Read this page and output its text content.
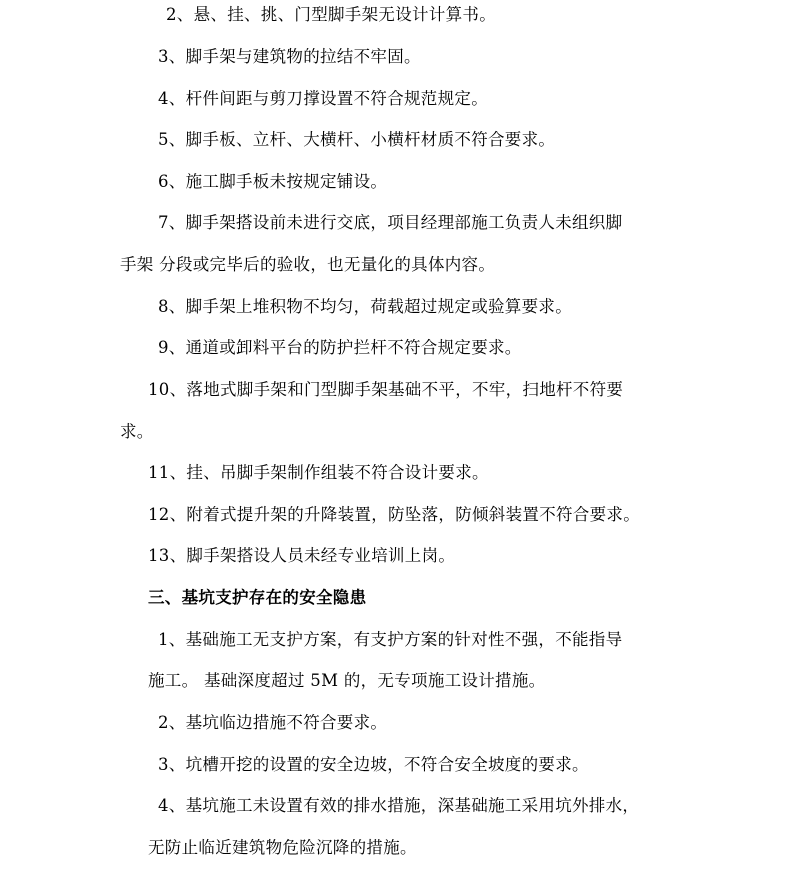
2、悬、挂、挑、门型脚手架无设计计算书。
3、脚手架与建筑物的拉结不牢固。
4、杆件间距与剪刀撑设置不符合规范规定。
5、脚手板、立杆、大横杆、小横杆材质不符合要求。
6、施工脚手板未按规定铺设。
7、脚手架搭设前未进行交底，项目经理部施工负责人未组织脚
手架 分段或完毕后的验收，也无量化的具体内容。
8、脚手架上堆积物不均匀，荷载超过规定或验算要求。
9、通道或卸料平台的防护拦杆不符合规定要求。
10、落地式脚手架和门型脚手架基础不平，不牢，扫地杆不符要
求。
11、挂、吊脚手架制作组装不符合设计要求。
12、附着式提升架的升降装置，防坠落，防倾斜装置不符合要求。
13、脚手架搭设人员未经专业培训上岗。
三、基坑支护存在的安全隐患
1、基础施工无支护方案，有支护方案的针对性不强，不能指导
施工。 基础深度超过 5M 的，无专项施工设计措施。
2、基坑临边措施不符合要求。
3、坑槽开挖的设置的安全边坡，不符合安全坡度的要求。
4、基坑施工未设置有效的排水措施，深基础施工采用坑外排水，
无防止临近建筑物危险沉降的措施。
